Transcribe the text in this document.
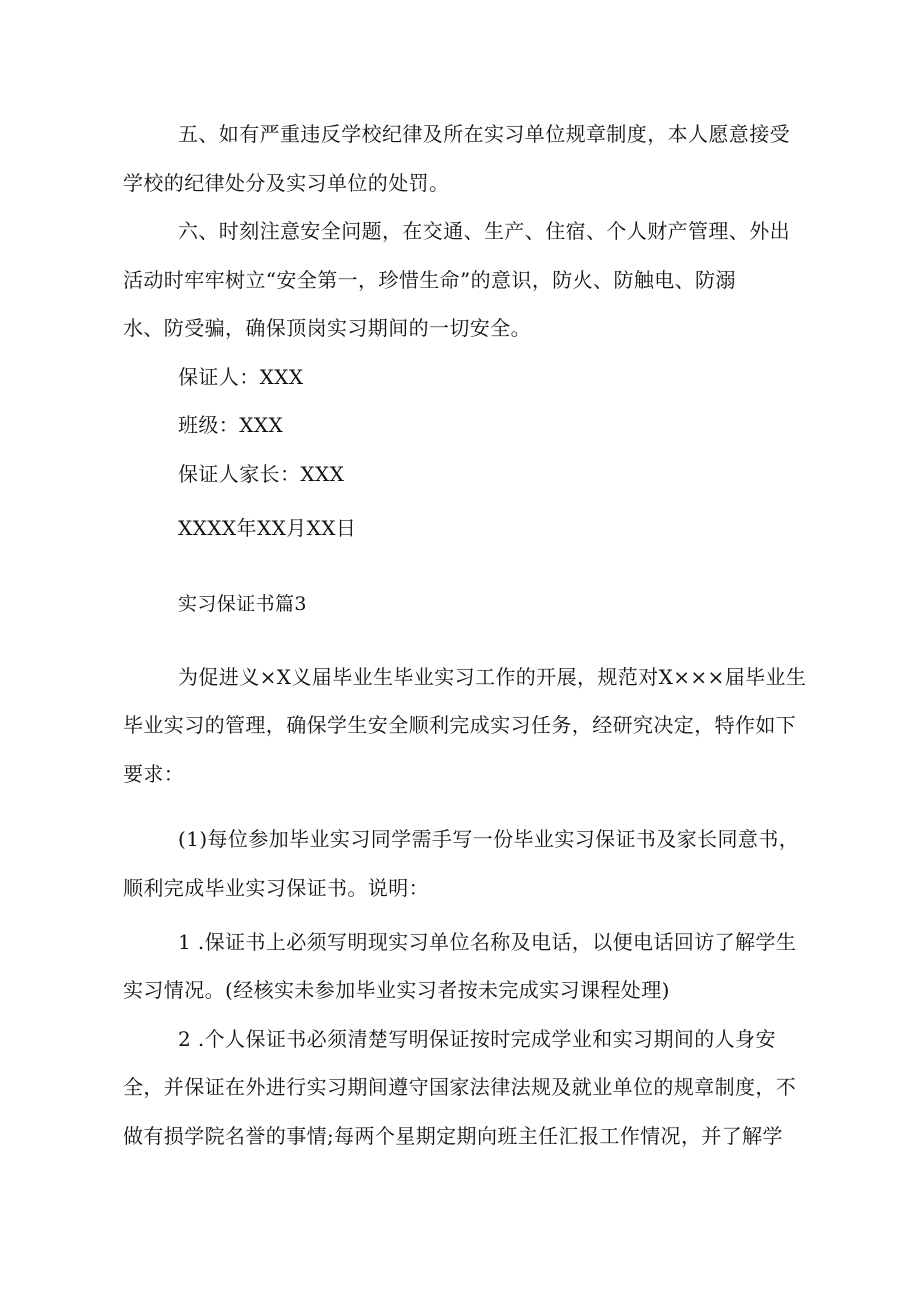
五、如有严重违反学校纪律及所在实习单位规章制度，本人愿意接受
学校的纪律处分及实习单位的处罚。
六、时刻注意安全问题，在交通、生产、住宿、个人财产管理、外出
活动时牢牢树立“安全第一，珍惜生命”的意识，防火、防触电、防溺
水、防受骗，确保顶岗实习期间的一切安全。
保证人：XXX
班级：XXX
保证人家长：XXX
XXXX年XX月XX日
实习保证书篇3
为促进义×X义届毕业生毕业实习工作的开展，规范对X×××届毕业生
毕业实习的管理，确保学生安全顺利完成实习任务，经研究决定，特作如下
要求：
(1)每位参加毕业实习同学需手写一份毕业实习保证书及家长同意书，
顺利完成毕业实习保证书。说明：
1 .保证书上必须写明现实习单位名称及电话，以便电话回访了解学生
实习情况。(经核实未参加毕业实习者按未完成实习课程处理)
2 .个人保证书必须清楚写明保证按时完成学业和实习期间的人身安
全，并保证在外进行实习期间遵守国家法律法规及就业单位的规章制度，不
做有损学院名誉的事情;每两个星期定期向班主任汇报工作情况，并了解学
